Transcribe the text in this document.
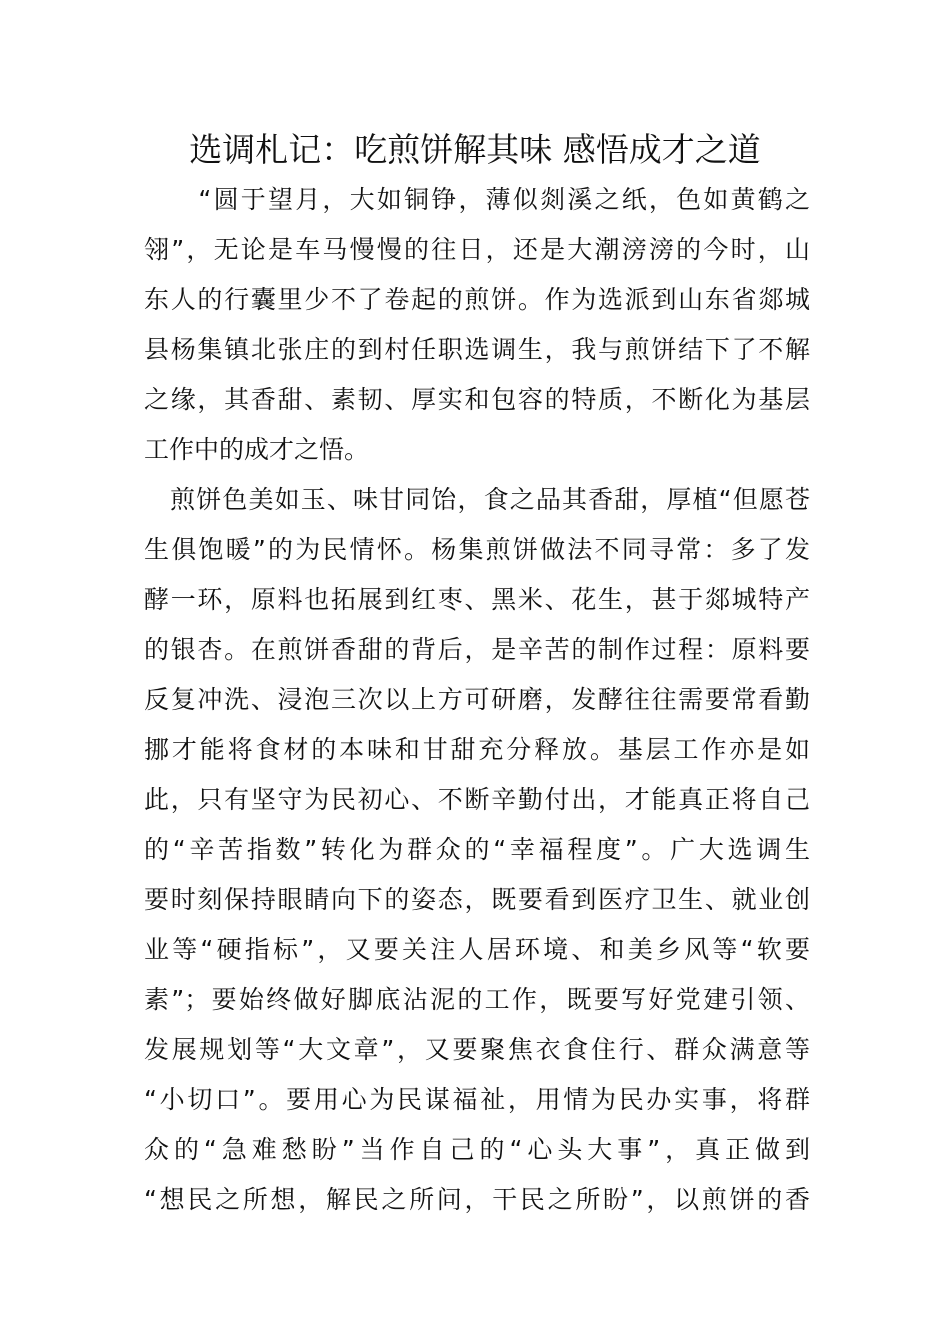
选调札记：吃煎饼解其味 感悟成才之道
　　“圆于望月，大如铜铮，薄似剡溪之纸，色如黄鹤之
翎”，无论是车马慢慢的往日，还是大潮滂滂的今时，山
东人的行囊里少不了卷起的煎饼。作为选派到山东省郯城
县杨集镇北张庄的到村任职选调生，我与煎饼结下了不解
之缘，其香甜、素韧、厚实和包容的特质，不断化为基层
工作中的成才之悟。
　煎饼色美如玉、味甘同饴，食之品其香甜，厚植“但愿苍
生俱饱暖”的为民情怀。杨集煎饼做法不同寻常：多了发
酵一环，原料也拓展到红枣、黑米、花生，甚于郯城特产
的银杏。在煎饼香甜的背后，是辛苦的制作过程：原料要
反复冲洗、浸泡三次以上方可研磨，发酵往往需要常看勤
挪才能将食材的本味和甘甜充分释放。基层工作亦是如
此，只有坚守为民初心、不断辛勤付出，才能真正将自己
的“辛苦指数”转化为群众的“幸福程度”。广大选调生
要时刻保持眼睛向下的姿态，既要看到医疗卫生、就业创
业等“硬指标”，又要关注人居环境、和美乡风等“软要
素”；要始终做好脚底沾泥的工作，既要写好党建引领、
发展规划等“大文章”，又要聚焦衣食住行、群众满意等
“小切口”。要用心为民谋福祉，用情为民办实事，将群
众的“急难愁盼”当作自己的“心头大事”，真正做到
“想民之所想，解民之所问，干民之所盼”，以煎饼的香
